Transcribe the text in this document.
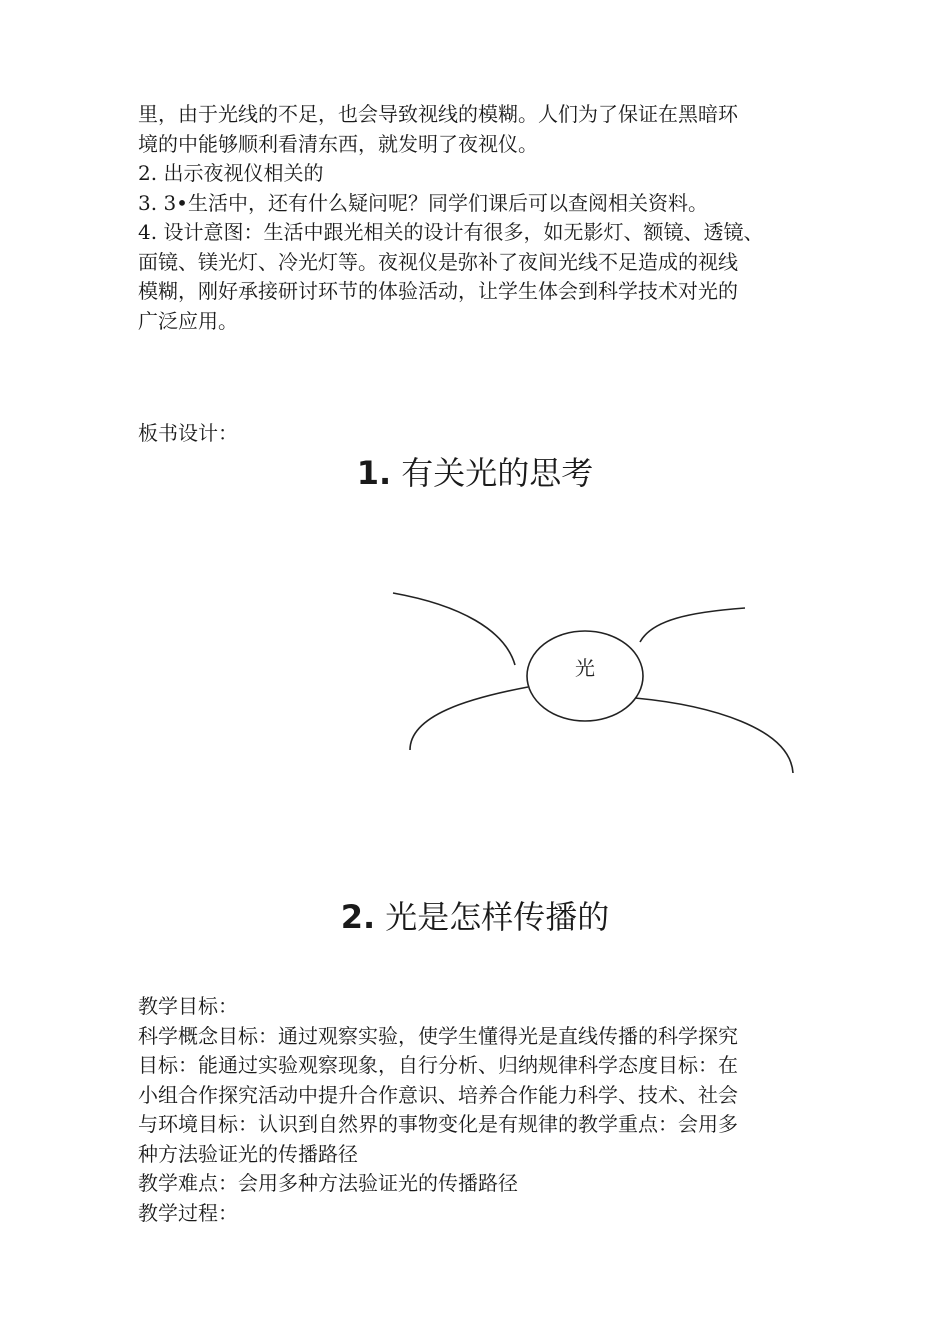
里，由于光线的不足，也会导致视线的模糊。人们为了保证在黑暗环
境的中能够顺利看清东西，就发明了夜视仪。
2. 出示夜视仪相关的
3. 3•生活中，还有什么疑问呢？同学们课后可以查阅相关资料。
4. 设计意图：生活中跟光相关的设计有很多，如无影灯、额镜、透镜、
面镜、镁光灯、冷光灯等。夜视仪是弥补了夜间光线不足造成的视线
模糊，刚好承接研讨环节的体验活动，让学生体会到科学技术对光的
广泛应用。
板书设计：
1. 有关光的思考
光
2. 光是怎样传播的
教学目标：
科学概念目标：通过观察实验，使学生懂得光是直线传播的科学探究
目标：能通过实验观察现象，自行分析、归纳规律科学态度目标：在
小组合作探究活动中提升合作意识、培养合作能力科学、技术、社会
与环境目标：认识到自然界的事物变化是有规律的教学重点：会用多
种方法验证光的传播路径
教学难点：会用多种方法验证光的传播路径
教学过程：
